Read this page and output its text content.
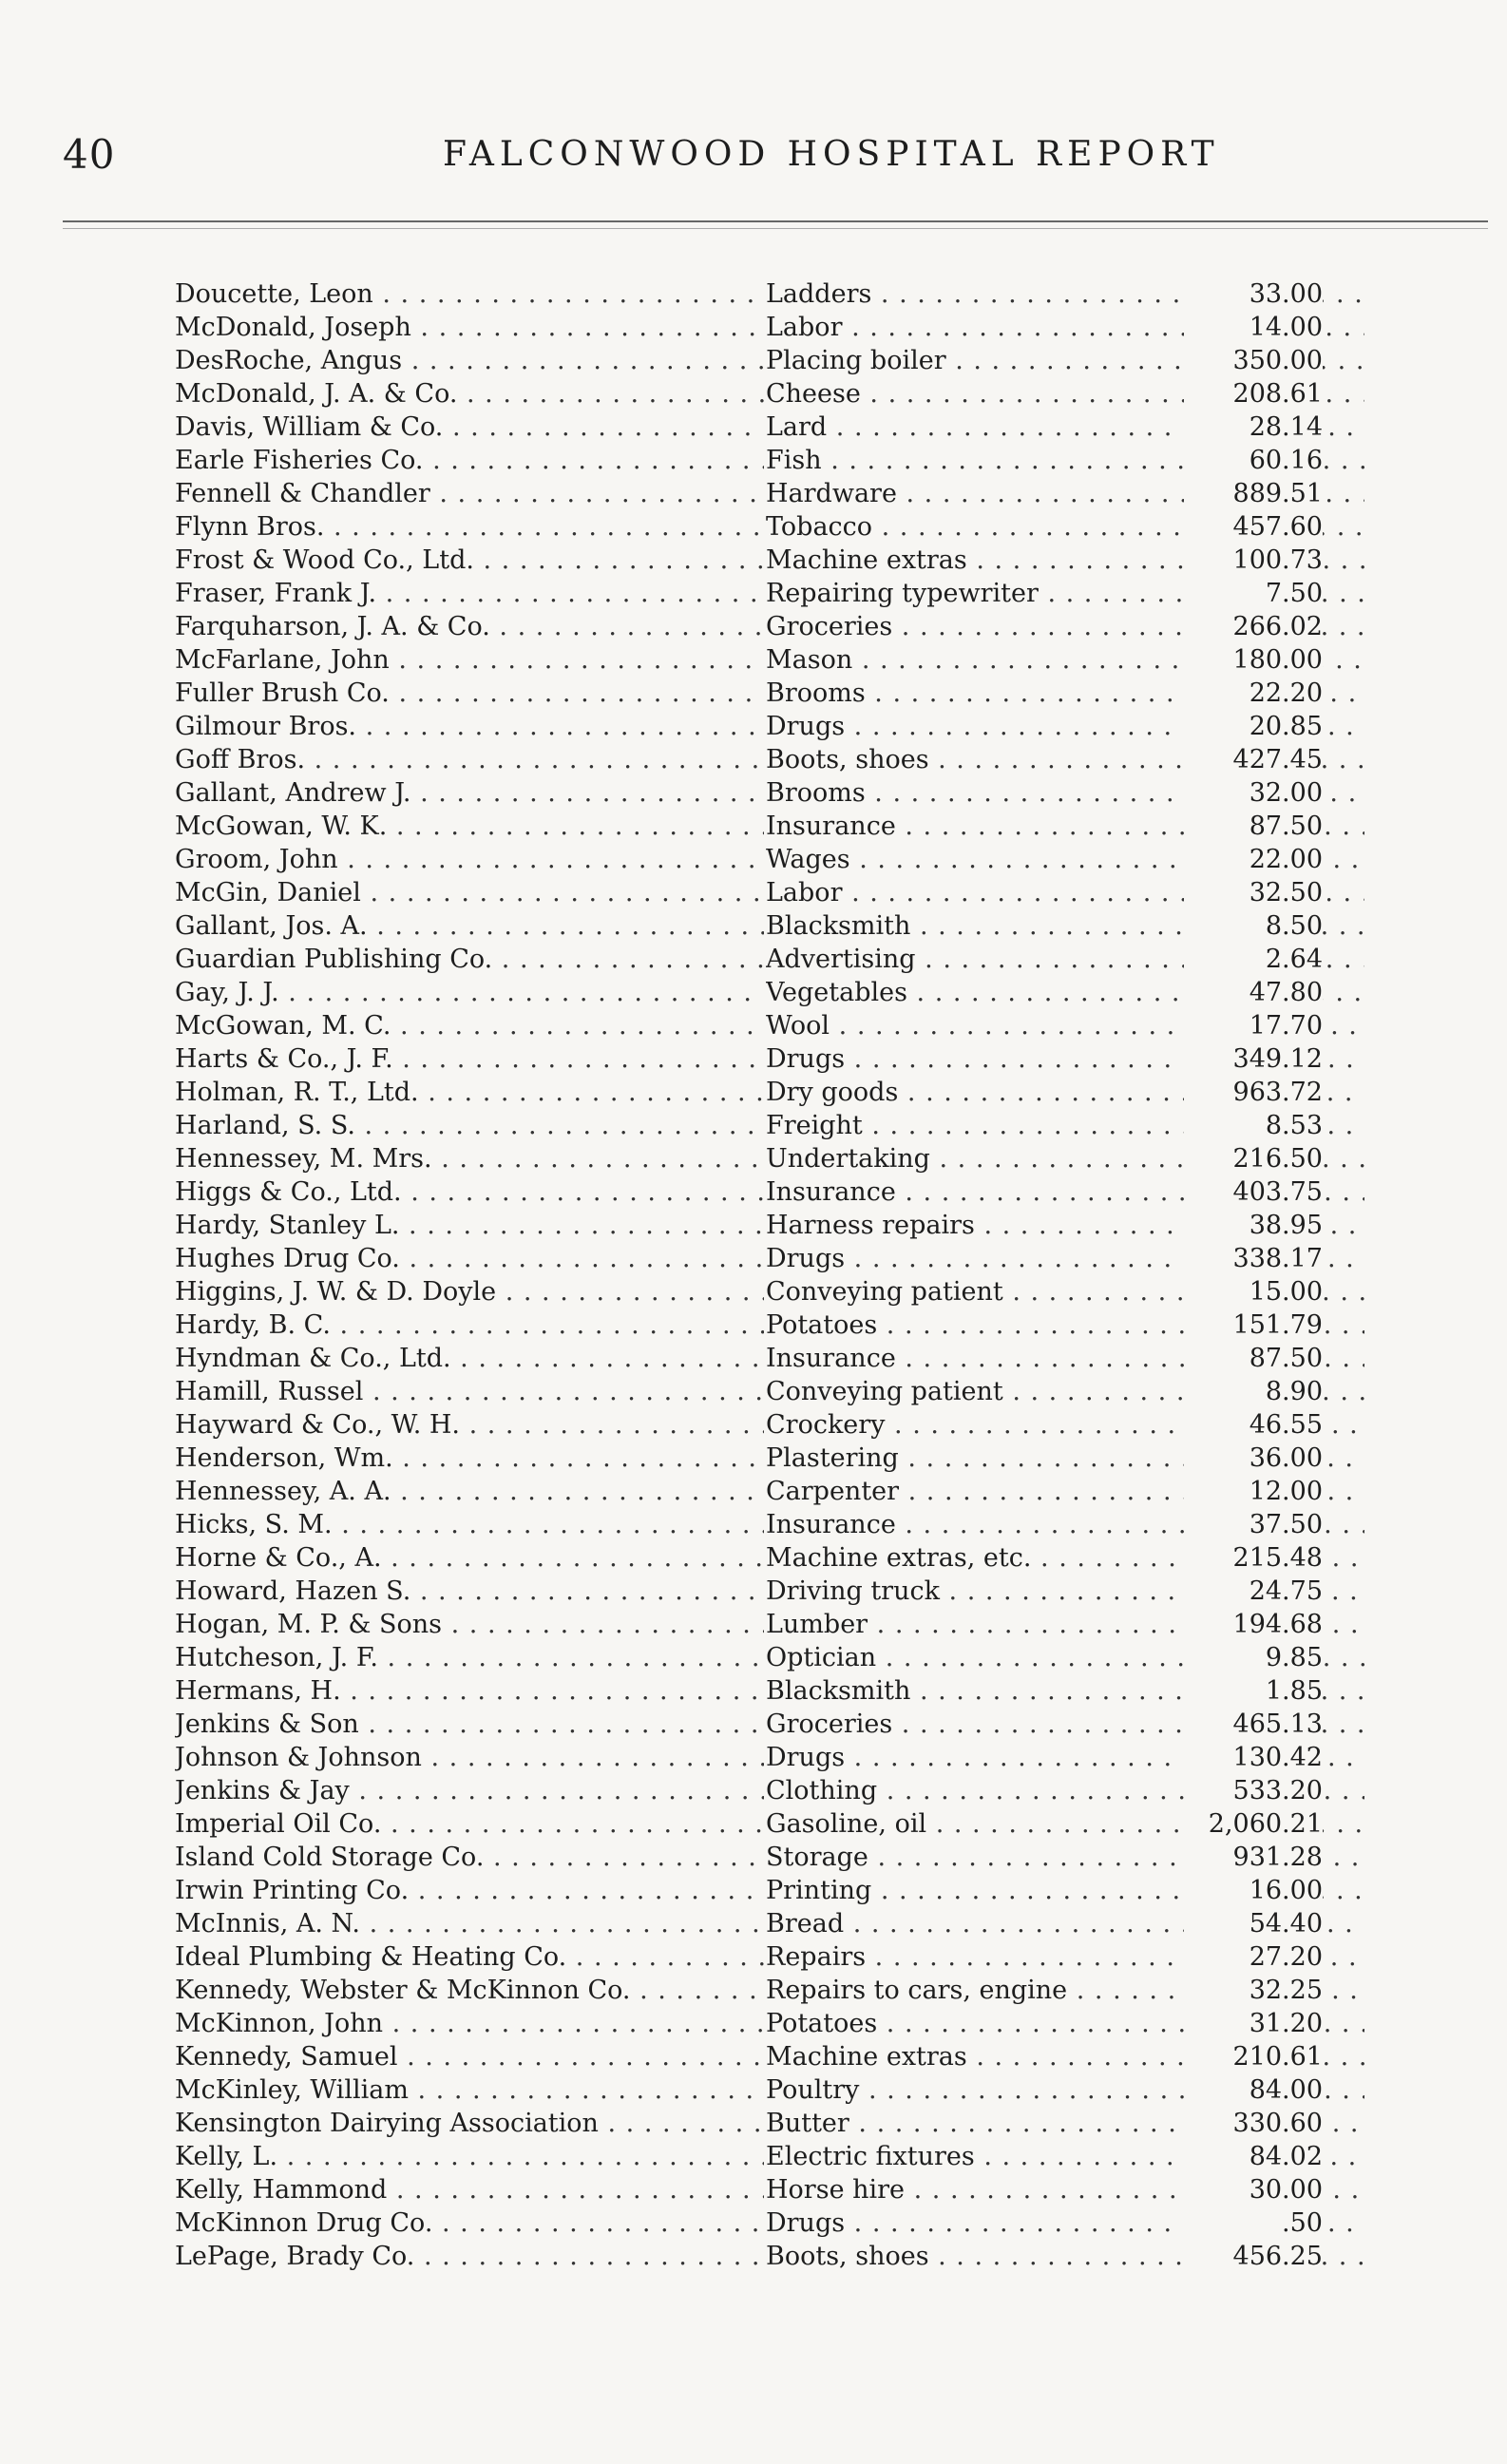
40	FALCONWOOD HOSPITAL REPORT
Doucette, Leon . . .	Ladders . . .	33.00
McDonald, Joseph . . .	Labor . . .	14.00
DesRoche, Angus . . .	Placing boiler . . .	350.00
McDonald, J. A. & Co. . . .	Cheese . . .	208.61
Davis, William & Co. . . .	Lard . . .	28.14
Earle Fisheries Co. . . .	Fish . . .	60.16
Fennell & Chandler . . .	Hardware . . .	889.51
Flynn Bros. . . .	Tobacco . . .	457.60
Frost & Wood Co., Ltd. . . .	Machine extras . . .	100.73
Fraser, Frank J. . . .	Repairing typewriter . . .	7.50
Farquharson, J. A. & Co. . . .	Groceries . . .	266.02
McFarlane, John . . .	Mason . . .	180.00
Fuller Brush Co. . . .	Brooms . . .	22.20
Gilmour Bros. . . .	Drugs . . .	20.85
Goff Bros. . . .	Boots, shoes . . .	427.45
Gallant, Andrew J. . . .	Brooms . . .	32.00
McGowan, W. K. . . .	Insurance . . .	87.50
Groom, John . . .	Wages . . .	22.00
McGin, Daniel . . .	Labor . . .	32.50
Gallant, Jos. A. . . .	Blacksmith . . .	8.50
Guardian Publishing Co. . . .	Advertising . . .	2.64
Gay, J. J. . . .	Vegetables . . .	47.80
McGowan, M. C. . . .	Wool . . .	17.70
Harts & Co., J. F. . . .	Drugs . . .	349.12
Holman, R. T., Ltd. . . .	Dry goods . . .	963.72
Harland, S. S. . . .	Freight . . .	8.53
Hennessey, M. Mrs. . . .	Undertaking . . .	216.50
Higgs & Co., Ltd. . . .	Insurance . . .	403.75
Hardy, Stanley L. . . .	Harness repairs . . .	38.95
Hughes Drug Co. . . .	Drugs . . .	338.17
Higgins, J. W. & D. Doyle . . .	Conveying patient . . .	15.00
Hardy, B. C. . . .	Potatoes . . .	151.79
Hyndman & Co., Ltd. . . .	Insurance . . .	87.50
Hamill, Russel . . .	Conveying patient . . .	8.90
Hayward & Co., W. H. . . .	Crockery . . .	46.55
Henderson, Wm. . . .	Plastering . . .	36.00
Hennessey, A. A. . . .	Carpenter . . .	12.00
Hicks, S. M. . . .	Insurance . . .	37.50
Horne & Co., A. . . .	Machine extras, etc. . . .	215.48
Howard, Hazen S. . . .	Driving truck . . .	24.75
Hogan, M. P. & Sons . . .	Lumber . . .	194.68
Hutcheson, J. F. . . .	Optician . . .	9.85
Hermans, H. . . .	Blacksmith . . .	1.85
Jenkins & Son . . .	Groceries . . .	465.13
Johnson & Johnson . . .	Drugs . . .	130.42
Jenkins & Jay . . .	Clothing . . .	533.20
Imperial Oil Co. . . .	Gasoline, oil . . .	2,060.21
Island Cold Storage Co. . . .	Storage . . .	931.28
Irwin Printing Co. . . .	Printing . . .	16.00
McInnis, A. N. . . .	Bread . . .	54.40
Ideal Plumbing & Heating Co. . . .	Repairs . . .	27.20
Kennedy, Webster & McKinnon Co. . . .	Repairs to cars, engine . . .	32.25
McKinnon, John . . .	Potatoes . . .	31.20
Kennedy, Samuel . . .	Machine extras . . .	210.61
McKinley, William . . .	Poultry . . .	84.00
Kensington Dairying Association . . .	Butter . . .	330.60
Kelly, L. . . .	Electric fixtures . . .	84.02
Kelly, Hammond . . .	Horse hire . . .	30.00
McKinnon Drug Co. . . .	Drugs . . .	.50
LePage, Brady Co. . . .	Boots, shoes . . .	456.25
